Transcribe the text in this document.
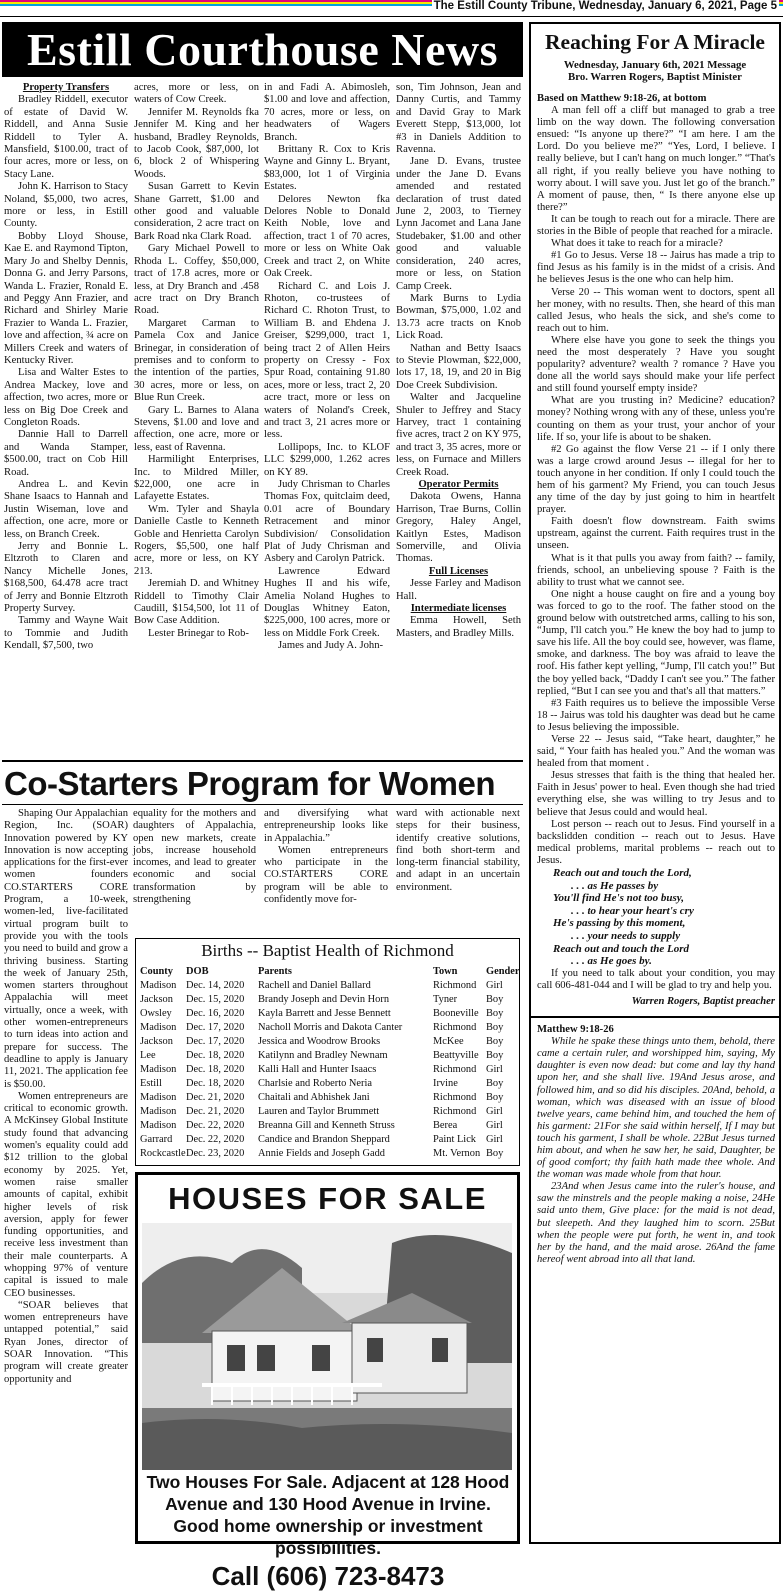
The Estill County Tribune, Wednesday, January 6, 2021, Page 5
Estill Courthouse News

Property Transfers

Bradley Riddell, executor of estate of David W. Riddell, and Anna Susie Riddell to Tyler A. Mansfield, $100.00, tract of four acres, more or less, on Stacy Lane.

John K. Harrison to Stacy Noland, $5,000, two acres, more or less, in Estill County.

Bobby Lloyd Shouse, Kae E. and Raymond Tipton, Mary Jo and Shelby Dennis, Donna G. and Jerry Parsons, Wanda L. Frazier, Ronald E. and Peggy Ann Frazier, and Richard and Shirley Marie Frazier to Wanda L. Frazier, love and affection, ¾ acre on Millers Creek and waters of Kentucky River.

Lisa and Walter Estes to Andrea Mackey, love and affection, two acres, more or less on Big Doe Creek and Congleton Roads.

Dannie Hall to Darrell and Wanda Stamper, $500.00, tract on Cob Hill Road.

Andrea L. and Kevin Shane Isaacs to Hannah and Justin Wiseman, love and affection, one acre, more or less, on Branch Creek.

Jerry and Bonnie L. Eltzroth to Claren and Nancy Michelle Jones, $168,500, 64.478 acre tract of Jerry and Bonnie Eltzroth Property Survey.

Tammy and Wayne Wait to Tommie and Judith Kendall, $7,500, two

acres, more or less, on waters of Cow Creek.

Jennifer M. Reynolds fka Jennifer M. King and her husband, Bradley Reynolds, to Jacob Cook, $87,000, lot 6, block 2 of Whispering Woods.

Susan Garrett to Kevin Shane Garrett, $1.00 and other good and valuable consideration, 2 acre tract on Bark Road nka Clark Road.

Gary Michael Powell to Rhoda L. Coffey, $50,000, tract of 17.8 acres, more or less, at Dry Branch and .458 acre tract on Dry Branch Road.

Margaret Carman to Pamela Cox and Janice Brinegar, in consideration of premises and to conform to the intention of the parties, 30 acres, more or less, on Blue Run Creek.

Gary L. Barnes to Alana Stevens, $1.00 and love and affection, one acre, more or less, east of Ravenna.

Harmilight Enterprises, Inc. to Mildred Miller, $22,000, one acre in Lafayette Estates.

Wm. Tyler and Shayla Danielle Castle to Kenneth Goble and Henrietta Carolyn Rogers, $5,500, one half acre, more or less, on KY 213.

Jeremiah D. and Whitney Riddell to Timothy Clair Caudill, $154,500, lot 11 of Bow Case Addition.

Lester Brinegar to Rob-

in and Fadi A. Abimosleh, $1.00 and love and affection, 70 acres, more or less, on headwaters of Wagers Branch.

Brittany R. Cox to Kris Wayne and Ginny L. Bryant, $83,000, lot 1 of Virginia Estates.

Delores Newton fka Delores Noble to Donald Keith Noble, love and affection, tract 1 of 70 acres, more or less on White Oak Creek and tract 2, on White Oak Creek.

Richard C. and Lois J. Rhoton, co-trustees of Richard C. Rhoton Trust, to William B. and Ehdena J. Greiser, $299,000, tract 1, being tract 2 of Allen Heirs property on Cressy - Fox Spur Road, containing 91.80 aces, more or less, tract 2, 20 acre tract, more or less on waters of Noland's Creek, and tract 3, 21 acres more or less.

Lollipops, Inc. to KLOF LLC $299,000, 1.262 acres on KY 89.

Judy Chrisman to Charles Thomas Fox, quitclaim deed, 0.01 acre of Boundary Retracement and minor Subdivision/ Consolidation Plat of Judy Chrisman and Asbery and Carolyn Patrick.

Lawrence Edward Hughes II and his wife, Amelia Noland Hughes to Douglas Whitney Eaton, $225,000, 100 acres, more or less on Middle Fork Creek.

James and Judy A. John-

son, Tim Johnson, Jean and Danny Curtis, and Tammy and David Gray to Mark Everett Stepp, $13,000, lot #3 in Daniels Addition to Ravenna.

Jane D. Evans, trustee under the Jane D. Evans amended and restated declaration of trust dated June 2, 2003, to Tierney Lynn Jacomet and Lana Jane Studebaker, $1.00 and other good and valuable consideration, 240 acres, more or less, on Station Camp Creek.

Mark Burns to Lydia Bowman, $75,000, 1.02 and 13.73 acre tracts on Knob Lick Road.

Nathan and Betty Isaacs to Stevie Plowman, $22,000, lots 17, 18, 19, and 20 in Big Doe Creek Subdivision.

Walter and Jacqueline Shuler to Jeffrey and Stacy Harvey, tract 1 containing five acres, tract 2 on KY 975, and tract 3, 35 acres, more or less, on Furnace and Millers Creek Road.

Operator Permits

Dakota Owens, Hanna Harrison, Trae Burns, Collin Gregory, Haley Angel, Kaitlyn Estes, Madison Somerville, and Olivia Thomas.

Full Licenses

Jesse Farley and Madison Hall.

Intermediate licenses

Emma Howell, Seth Masters, and Bradley Mills.

Co-Starters Program for Women

Shaping Our Appalachian Region, Inc. (SOAR) Innovation powered by KY Innovation is now accepting applications for the first-ever women founders CO.STARTERS CORE Program, a 10-week, women-led, live-facilitated virtual program built to provide you with the tools you need to build and grow a thriving business. Starting the week of January 25th, women starters throughout Appalachia will meet virtually, once a week, with other women-entrepreneurs to turn ideas into action and prepare for success. The deadline to apply is January 11, 2021. The application fee is $50.00.

Women entrepreneurs are critical to economic growth. A McKinsey Global Institute study found that advancing women's equality could add $12 trillion to the global economy by 2025. Yet, women raise smaller amounts of capital, exhibit higher levels of risk aversion, apply for fewer funding opportunities, and receive less investment than their male counterparts. A whopping 97% of venture capital is issued to male CEO businesses.

“SOAR believes that women entrepreneurs have untapped potential,” said Ryan Jones, director of SOAR Innovation. “This program will create greater opportunity and

equality for the mothers and daughters of Appalachia, open new markets, create jobs, increase household incomes, and lead to greater economic and social transformation by strengthening

and diversifying what entrepreneurship looks like in Appalachia.”

Women entrepreneurs who participate in the CO.STARTERS CORE program will be able to confidently move for-

ward with actionable next steps for their business, identify creative solutions, find both short-term and long-term financial stability, and adapt in an uncertain environment.

Births -- Baptist Health of Richmond
County	DOB	Parents	Town	Gender
Madison Dec. 14, 2020	Rachell and Daniel Ballard	Richmond Girl
Jackson	Dec. 15, 2020	Brandy Joseph and Devin Horn	Tyner	Boy
Owsley	Dec. 16, 2020	Kayla Barrett and Jesse Bennett	Booneville Boy
Madison Dec. 17, 2020	Nacholl Morris and Dakota Canter	Richmond Boy
Jackson	Dec. 17, 2020	Jessica and Woodrow Brooks	McKee	Boy
Lee	Dec. 18, 2020	Katilynn and Bradley Newnam	Beattyville Boy
Madison Dec. 18, 2020	Kalli Hall and Hunter Isaacs	Richmond Girl
Estill	Dec. 18, 2020	Charlsie and Roberto Neria	Irvine	Boy
Madison Dec. 21, 2020	Chaitali and Abhishek Jani	Richmond Boy
Madison Dec. 21, 2020	Lauren and Taylor Brummett	Richmond Girl
Madison Dec. 22, 2020	Breanna Gill and Kenneth Struss	Berea	Girl
Garrard	Dec. 22, 2020	Candice and Brandon Sheppard	Paint Lick Girl
Rockcastle Dec. 23, 2020	Annie Fields and Joseph Gadd	Mt. Vernon Boy
HOUSES FOR SALE
Two Houses For Sale. Adjacent at 128 Hood Avenue and 130 Hood Avenue in Irvine. Good home ownership or investment possibilities.
Call (606) 723-8473
Reaching For A Miracle
Wednesday, January 6th, 2021 Message
Bro. Warren Rogers, Baptist Minister

Based on Matthew 9:18-26, at bottom

A man fell off a cliff but managed to grab a tree limb on the way down. The following conversation ensued: “Is anyone up there?” “I am here. I am the Lord. Do you believe me?” “Yes, Lord, I believe. I really believe, but I can't hang on much longer.” “That's all right, if you really believe you have nothing to worry about. I will save you. Just let go of the branch.” A moment of pause, then, “ Is there anyone else up there?”

It can be tough to reach out for a miracle. There are stories in the Bible of people that reached for a miracle.

What does it take to reach for a miracle?

#1 Go to Jesus. Verse 18 -- Jairus has made a trip to find Jesus as his family is in the midst of a crisis. And he believes Jesus is the one who can help him.

Verse 20 -- This woman went to doctors, spent all her money, with no results. Then, she heard of this man called Jesus, who heals the sick, and she's come to reach out to him.

Where else have you gone to seek the things you need the most desperately ? Have you sought popularity? adventure? wealth ? romance ? Have you done all the world says should make your life perfect and still found yourself empty inside?

What are you trusting in? Medicine? education? money? Nothing wrong with any of these, unless you're counting on them as your trust, your anchor of your life. If so, your life is about to be shaken.

#2 Go against the flow Verse 21 -- if I only there was a large crowd around Jesus -- illegal for her to touch anyone in her condition. If only I could touch the hem of his garment? My Friend, you can touch Jesus any time of the day by just going to him in heartfelt prayer.

Faith doesn't flow downstream. Faith swims upstream, against the current. Faith requires trust in the unseen.

What is it that pulls you away from faith? -- family, friends, school, an unbelieving spouse ? Faith is the ability to trust what we cannot see.

One night a house caught on fire and a young boy was forced to go to the roof. The father stood on the ground below with outstretched arms, calling to his son, “Jump, I'll catch you.” He knew the boy had to jump to save his life. All the boy could see, however, was flame, smoke, and darkness. The boy was afraid to leave the roof. His father kept yelling, “Jump, I'll catch you!” But the boy yelled back, “Daddy I can't see you.” The father replied, “But I can see you and that's all that matters.”

#3 Faith requires us to believe the impossible Verse 18 -- Jairus was told his daughter was dead but he came to Jesus believing the impossible.

Verse 22 -- Jesus said, “Take heart, daughter,” he said, “ Your faith has healed you.” And the woman was healed from that moment .

Jesus stresses that faith is the thing that healed her. Faith in Jesus' power to heal. Even though she had tried everything else, she was willing to try Jesus and to believe that Jesus could and would heal.

Lost person -- reach out to Jesus. Find yourself in a backslidden condition -- reach out to Jesus. Have medical problems, marital problems -- reach out to Jesus.

Reach out and touch the Lord,
. . . as He passes by
You'll find He's not too busy,
. . . to hear your heart's cry
He's passing by this moment,
. . . your needs to supply
Reach out and touch the Lord
. . . as He goes by.

If you need to talk about your condition, you may call 606-481-044 and I will be glad to try and help you.

Warren Rogers, Baptist preacher

Matthew 9:18-26

While he spake these things unto them, behold, there came a certain ruler, and worshipped him, saying, My daughter is even now dead: but come and lay thy hand upon her, and she shall live. 19And Jesus arose, and followed him, and so did his disciples. 20And, behold, a woman, which was diseased with an issue of blood twelve years, came behind him, and touched the hem of his garment: 21For she said within herself, If I may but touch his garment, I shall be whole. 22But Jesus turned him about, and when he saw her, he said, Daughter, be of good comfort; thy faith hath made thee whole. And the woman was made whole from that hour.

23And when Jesus came into the ruler's house, and saw the minstrels and the people making a noise, 24He said unto them, Give place: for the maid is not dead, but sleepeth. And they laughed him to scorn. 25But when the people were put forth, he went in, and took her by the hand, and the maid arose. 26And the fame hereof went abroad into all that land.
